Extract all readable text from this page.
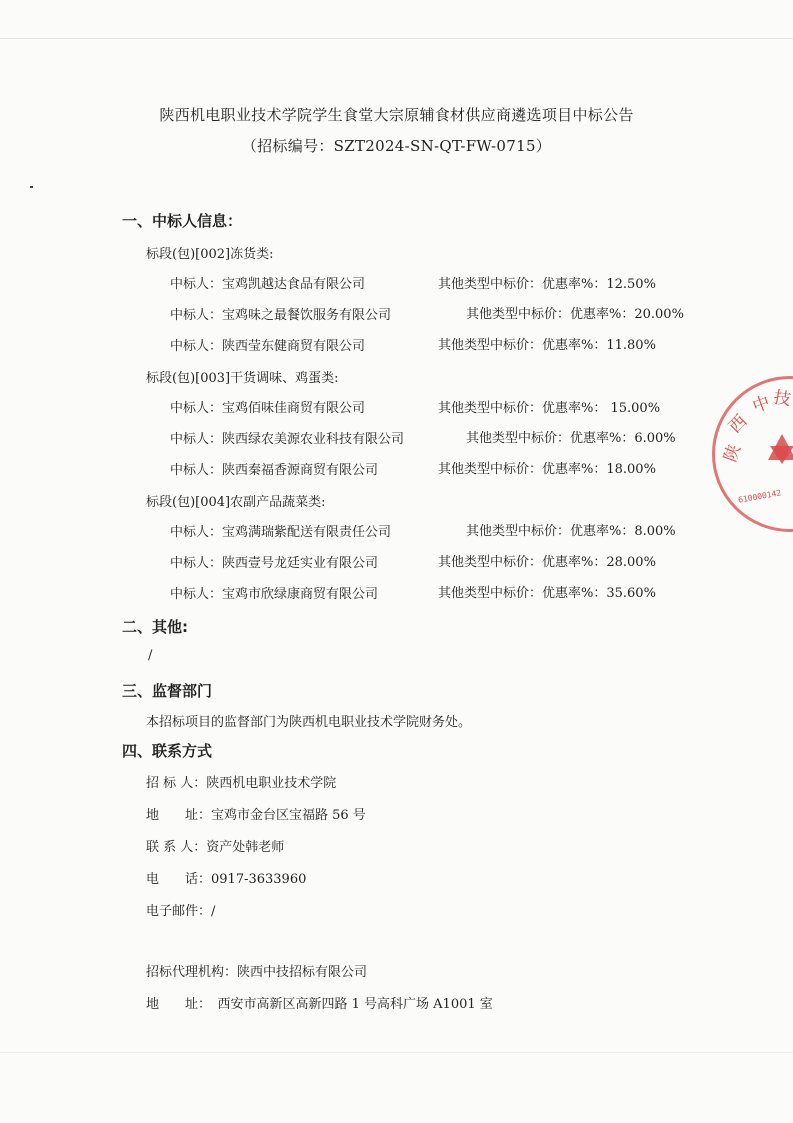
陕西机电职业技术学院学生食堂大宗原辅食材供应商遴选项目中标公告
（招标编号：SZT2024-SN-QT-FW-0715）
一、中标人信息：
标段(包)[002]冻货类:
中标人：宝鸡凯越达食品有限公司	其他类型中标价：优惠率%：12.50%
中标人：宝鸡味之最餐饮服务有限公司	其他类型中标价：优惠率%：20.00%
中标人：陕西莹东健商贸有限公司	其他类型中标价：优惠率%：11.80%
标段(包)[003]干货调味、鸡蛋类:
中标人：宝鸡佰味佳商贸有限公司	其他类型中标价：优惠率%： 15.00%
中标人：陕西绿农美源农业科技有限公司	其他类型中标价：优惠率%：6.00%
中标人：陕西秦福香源商贸有限公司	其他类型中标价：优惠率%：18.00%
标段(包)[004]农副产品蔬菜类:
中标人：宝鸡满瑞紫配送有限责任公司	其他类型中标价：优惠率%：8.00%
中标人：陕西壹号龙廷实业有限公司	其他类型中标价：优惠率%：28.00%
中标人：宝鸡市欣绿康商贸有限公司	其他类型中标价：优惠率%：35.60%
二、其他:
/
三、监督部门
本招标项目的监督部门为陕西机电职业技术学院财务处。
四、联系方式
招 标 人：陕西机电职业技术学院
地　　址：宝鸡市金台区宝福路 56 号
联 系 人：资产处韩老师
电　　话：0917-3633960
电子邮件：/
招标代理机构：陕西中技招标有限公司
地　　址：　西安市高新区高新四路 1 号高科广场 A1001 室
陕
西
中 技
610000142
